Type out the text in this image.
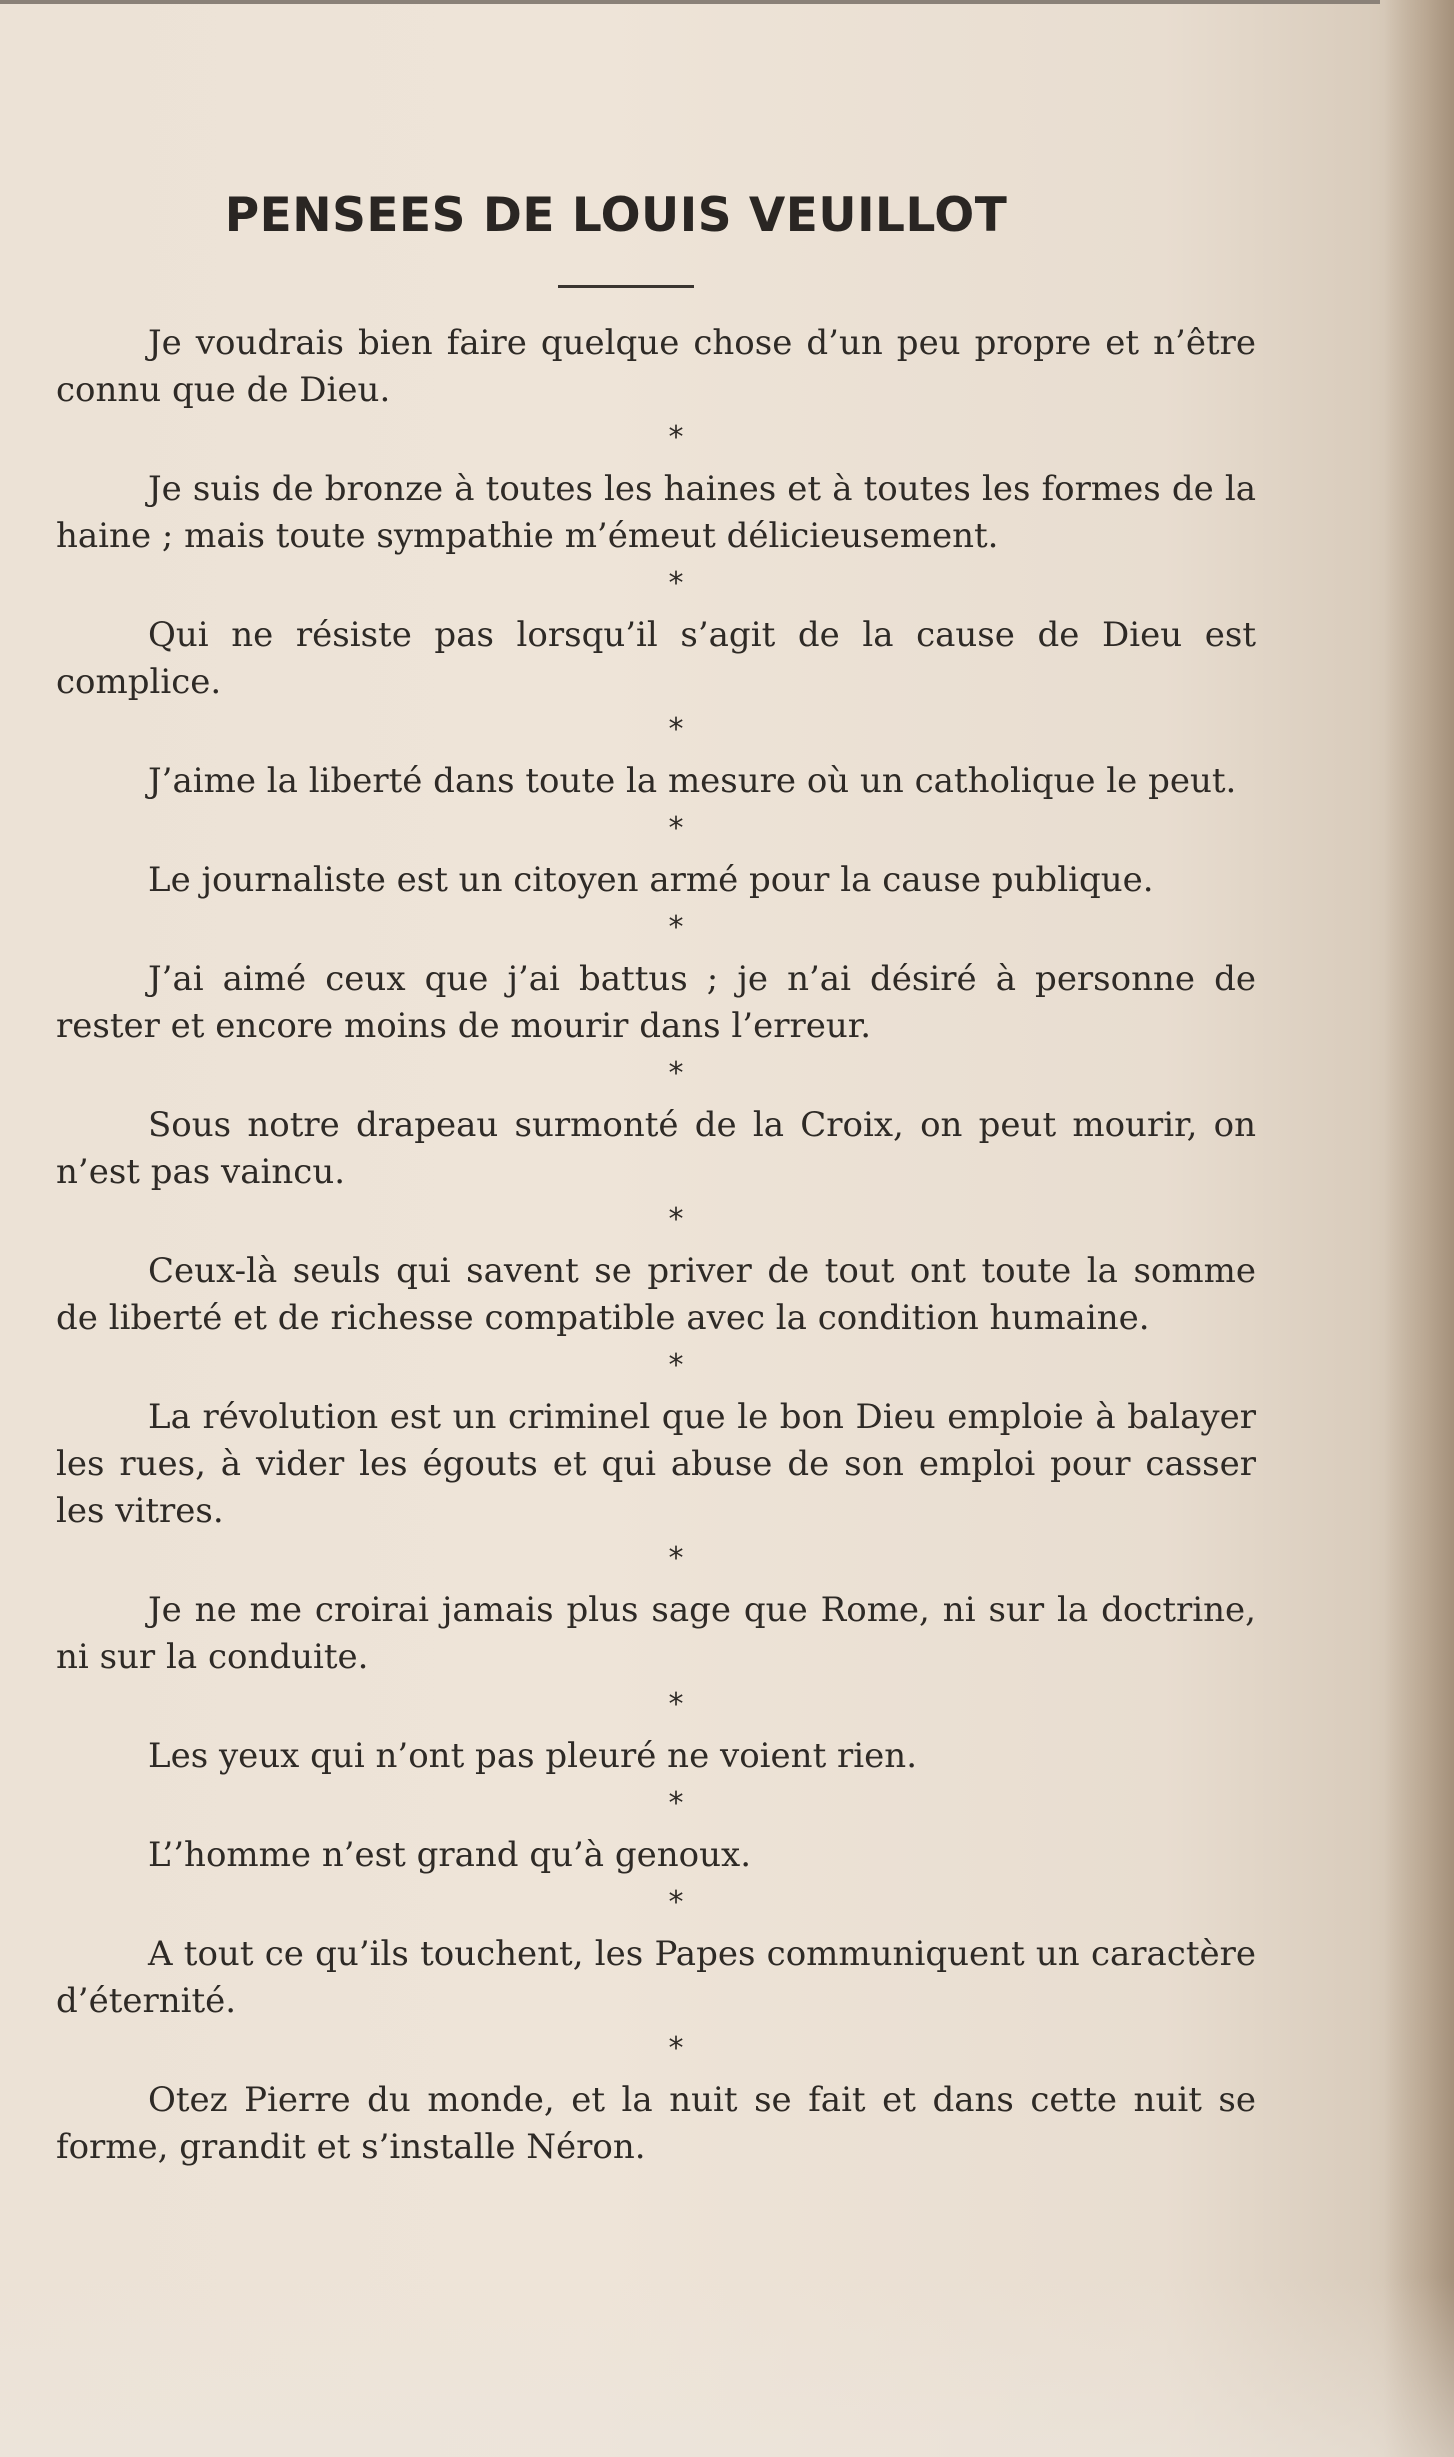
PENSEES DE LOUIS VEUILLOT

Je voudrais bien faire quelque chose d’un peu propre et n’être connu que de Dieu.

*

Je suis de bronze à toutes les haines et à toutes les formes de la haine ; mais toute sympathie m’émeut délicieusement.

*

Qui ne résiste pas lorsqu’il s’agit de la cause de Dieu est complice.

*

J’aime la liberté dans toute la mesure où un catholique le peut.

*

Le journaliste est un citoyen armé pour la cause publique.

*

J’ai aimé ceux que j’ai battus ; je n’ai désiré à personne de rester et encore moins de mourir dans l’erreur.

*

Sous notre drapeau surmonté de la Croix, on peut mourir, on n’est pas vaincu.

*

Ceux-là seuls qui savent se priver de tout ont toute la somme de liberté et de richesse compatible avec la condition humaine.

*

La révolution est un criminel que le bon Dieu emploie à balayer les rues, à vider les égouts et qui abuse de son emploi pour casser les vitres.

*

Je ne me croirai jamais plus sage que Rome, ni sur la doctrine, ni sur la conduite.

*

Les yeux qui n’ont pas pleuré ne voient rien.

*

L’’homme n’est grand qu’à genoux.

*

A tout ce qu’ils touchent, les Papes communiquent un caractère d’éternité.

*

Otez Pierre du monde, et la nuit se fait et dans cette nuit se forme, grandit et s’installe Néron.
